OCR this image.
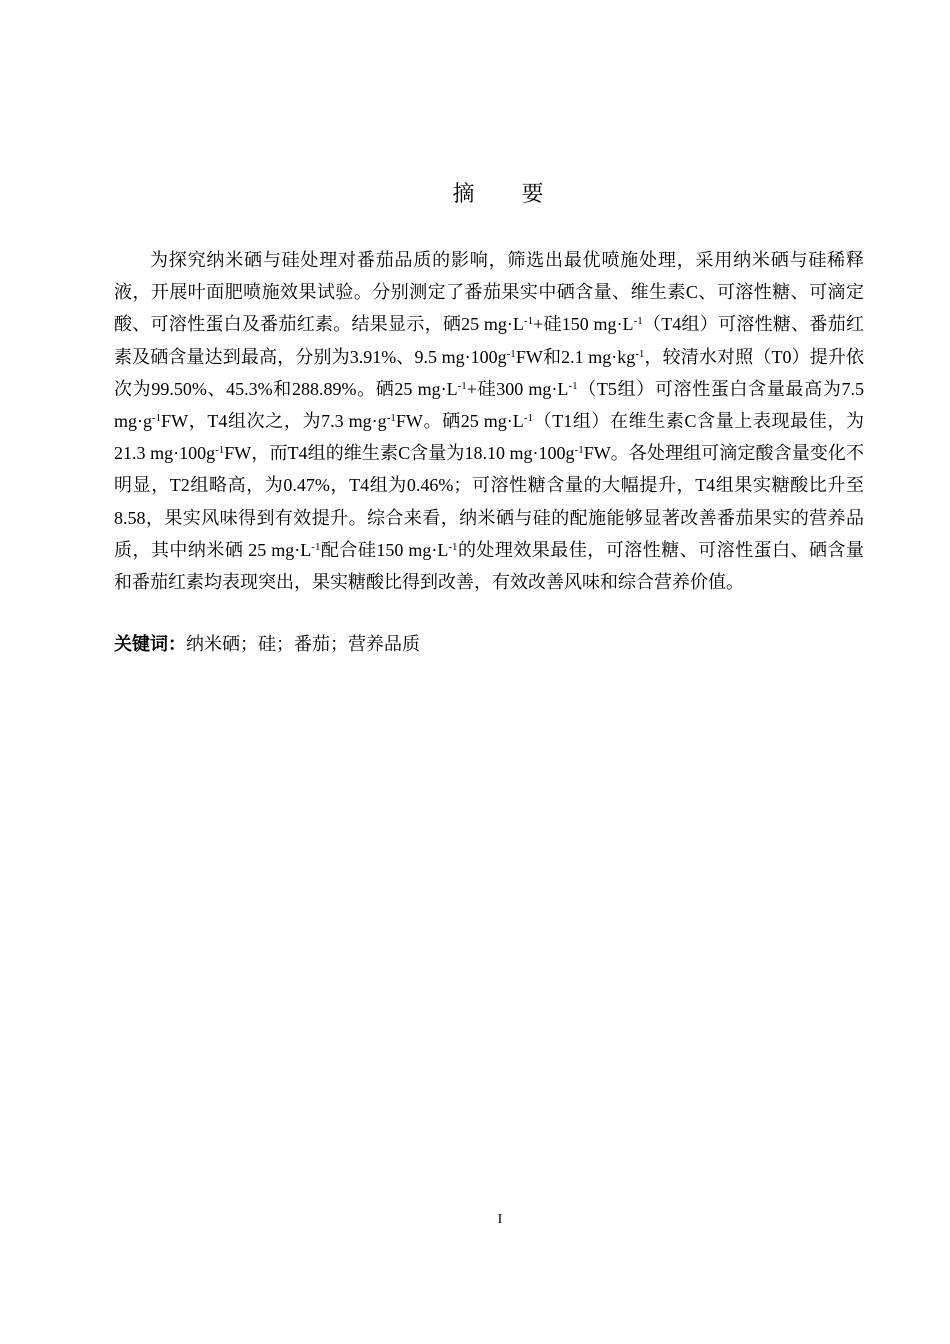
摘 要

为探究纳米硒与硅处理对番茄品质的影响，筛选出最优喷施处理，采用纳米硒与硅稀释液，开展叶面肥喷施效果试验。分别测定了番茄果实中硒含量、维生素C、可溶性糖、可滴定酸、可溶性蛋白及番茄红素。结果显示，硒25 $mg\cdot L^{-1}+$硅150 $mg\cdot L^{-1}(T4$组）可溶性糖、番茄红素及硒含量达到最高，分别为3.91%、9.5 $mg\cdot 100g^{-1}FW$和2.1 $mg\cdot kg^{-1}$，较清水对照（T0）提升依次为99.50%、45.3%和288.89%。硒25 $mg\cdot L^{-1}+$硅300 $mg\cdot L^{-1}(T5$组）可溶性蛋白含量最高为7.5 $mg\cdot g^{-1}FW$，T4组次之，为7.3 $mg\cdot g^{-1}FW$。硒25 $mg\cdot L^{-1}(T1$组）在维生素C含量上表现最佳，为21.3 $mg\cdot 100g^{-1}FW$，而T4组的维生素C含量为18.10 $mg\cdot 100g^{-1}FW$。各处理组可滴定酸含量变化不明显，T2组略高，为0.47%，T4组为0.46%；可溶性糖含量的大幅提升，T4组果实糖酸比升至8.58，果实风味得到有效提升。综合来看，纳米硒与硅的配施能够显著改善番茄果实的营养品质，其中纳米硒 25 $mg\cdot L^{-1}$配合硅150 $mg\cdot L^{-1}$的处理效果最佳，可溶性糖、可溶性蛋白、硒含量和番茄红素均表现突出，果实糖酸比得到改善，有效改善风味和综合营养价值。

关键词：纳米硒；硅；番茄；营养品质

I
